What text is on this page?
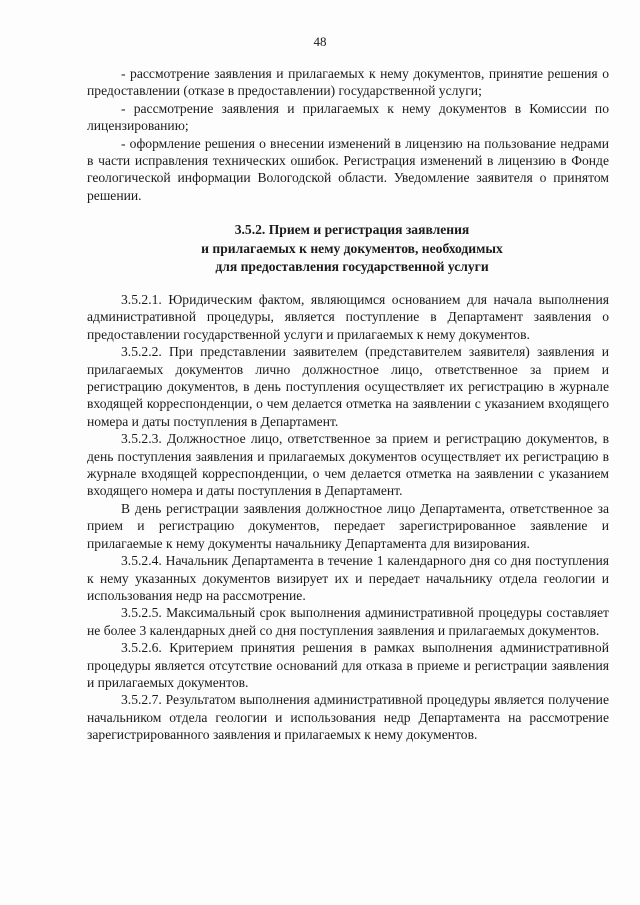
48

- рассмотрение заявления и прилагаемых к нему документов, принятие решения о предоставлении (отказе в предоставлении) государственной услуги;

- рассмотрение заявления и прилагаемых к нему документов в Комиссии по лицензированию;

- оформление решения о внесении изменений в лицензию на пользование недрами в части исправления технических ошибок. Регистрация изменений в лицензию в Фонде геологической информации Вологодской области. Уведомление заявителя о принятом решении.

3.5.2. Прием и регистрация заявления
и прилагаемых к нему документов, необходимых
для предоставления государственной услуги

3.5.2.1. Юридическим фактом, являющимся основанием для начала выполнения административной процедуры, является поступление в Департамент заявления о предоставлении государственной услуги и прилагаемых к нему документов.

3.5.2.2. При представлении заявителем (представителем заявителя) заявления и прилагаемых документов лично должностное лицо, ответственное за прием и регистрацию документов, в день поступления осуществляет их регистрацию в журнале входящей корреспонденции, о чем делается отметка на заявлении с указанием входящего номера и даты поступления в Департамент.

3.5.2.3. Должностное лицо, ответственное за прием и регистрацию документов, в день поступления заявления и прилагаемых документов осуществляет их регистрацию в журнале входящей корреспонденции, о чем делается отметка на заявлении с указанием входящего номера и даты поступления в Департамент.

В день регистрации заявления должностное лицо Департамента, ответственное за прием и регистрацию документов, передает зарегистрированное заявление и прилагаемые к нему документы начальнику Департамента для визирования.

3.5.2.4. Начальник Департамента в течение 1 календарного дня со дня поступления к нему указанных документов визирует их и передает начальнику отдела геологии и использования недр на рассмотрение.

3.5.2.5. Максимальный срок выполнения административной процедуры составляет не более 3 календарных дней со дня поступления заявления и прилагаемых документов.

3.5.2.6. Критерием принятия решения в рамках выполнения административной процедуры является отсутствие оснований для отказа в приеме и регистрации заявления и прилагаемых документов.

3.5.2.7. Результатом выполнения административной процедуры является получение начальником отдела геологии и использования недр Департамента на рассмотрение зарегистрированного заявления и прилагаемых к нему документов.
